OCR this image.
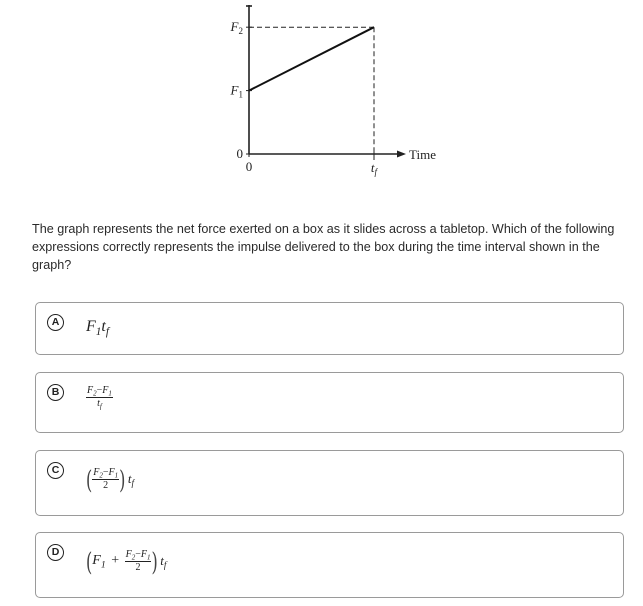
Time
0
$F_1$
$F_2$
0	$t_f$
The graph represents the net force exerted on a box as it slides across a tabletop. Which of the following expressions correctly represents the impulse delivered to the box during the time interval shown in the graph?
A $F_1t_f$
B	$\frac{F_2-F_1}{t_f}$
C ( $\frac{F_2-F_1}{2}$ ) $t_f$
D ($F_1 + \frac{F_2-F_1}{2}$ ) $t_f$
